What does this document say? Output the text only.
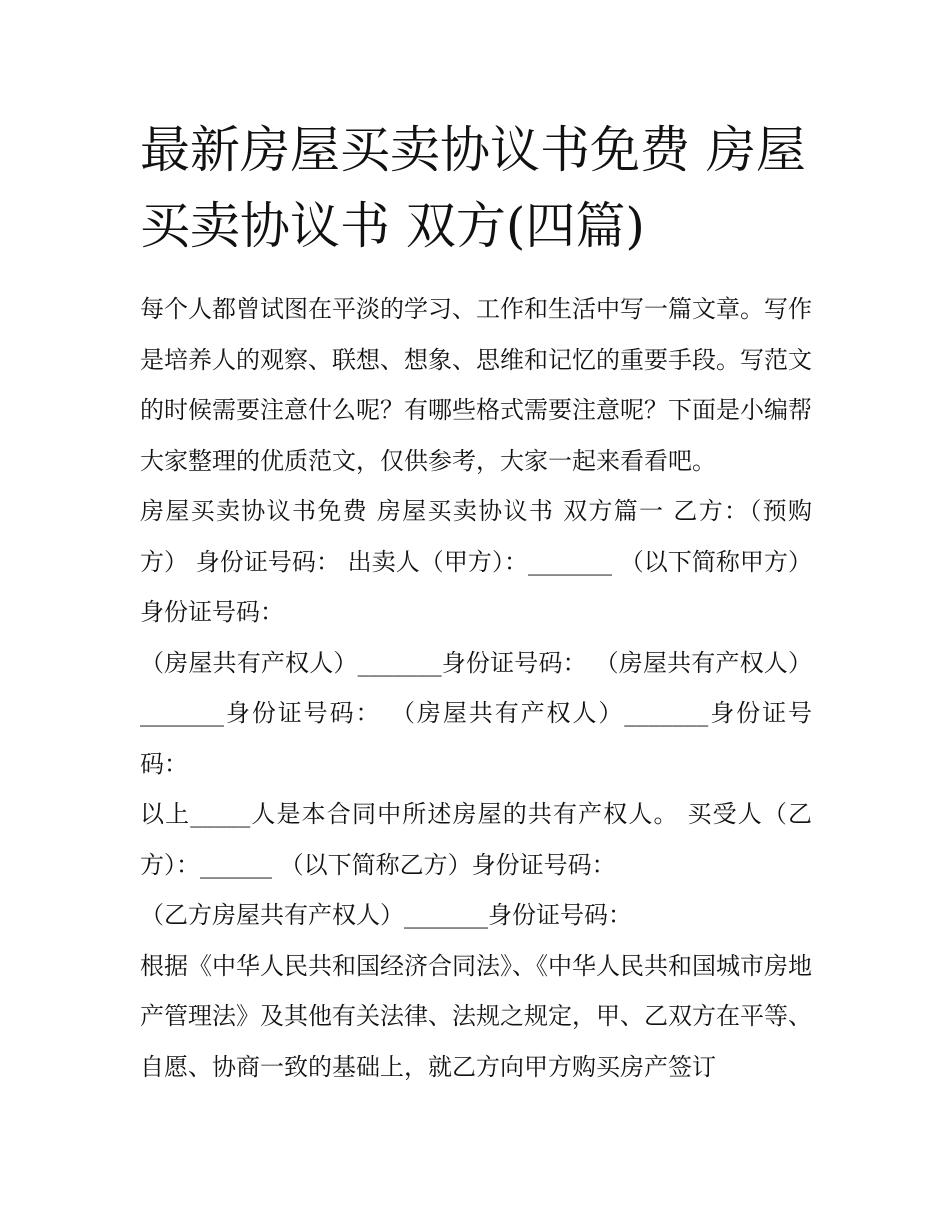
最新房屋买卖协议书免费 房屋买卖协议书 双方(四篇)

每个人都曾试图在平淡的学习、工作和生活中写一篇文章。写作是培养人的观察、联想、想象、思维和记忆的重要手段。写范文的时候需要注意什么呢？有哪些格式需要注意呢？下面是小编帮大家整理的优质范文，仅供参考，大家一起来看看吧。

房屋买卖协议书免费 房屋买卖协议书 双方篇一 乙方：（预购方） 身份证号码： 出卖人（甲方）：_______ （以下简称甲方）身份证号码：

（房屋共有产权人）_______身份证号码： （房屋共有产权人）_______身份证号码： （房屋共有产权人）_______身份证号码：

以上_____人是本合同中所述房屋的共有产权人。 买受人（乙方）：______ （以下简称乙方）身份证号码：

（乙方房屋共有产权人）_______身份证号码：

根据《中华人民共和国经济合同法》、《中华人民共和国城市房地产管理法》及其他有关法律、法规之规定，甲、乙双方在平等、自愿、协商一致的基础上，就乙方向甲方购买房产签订
